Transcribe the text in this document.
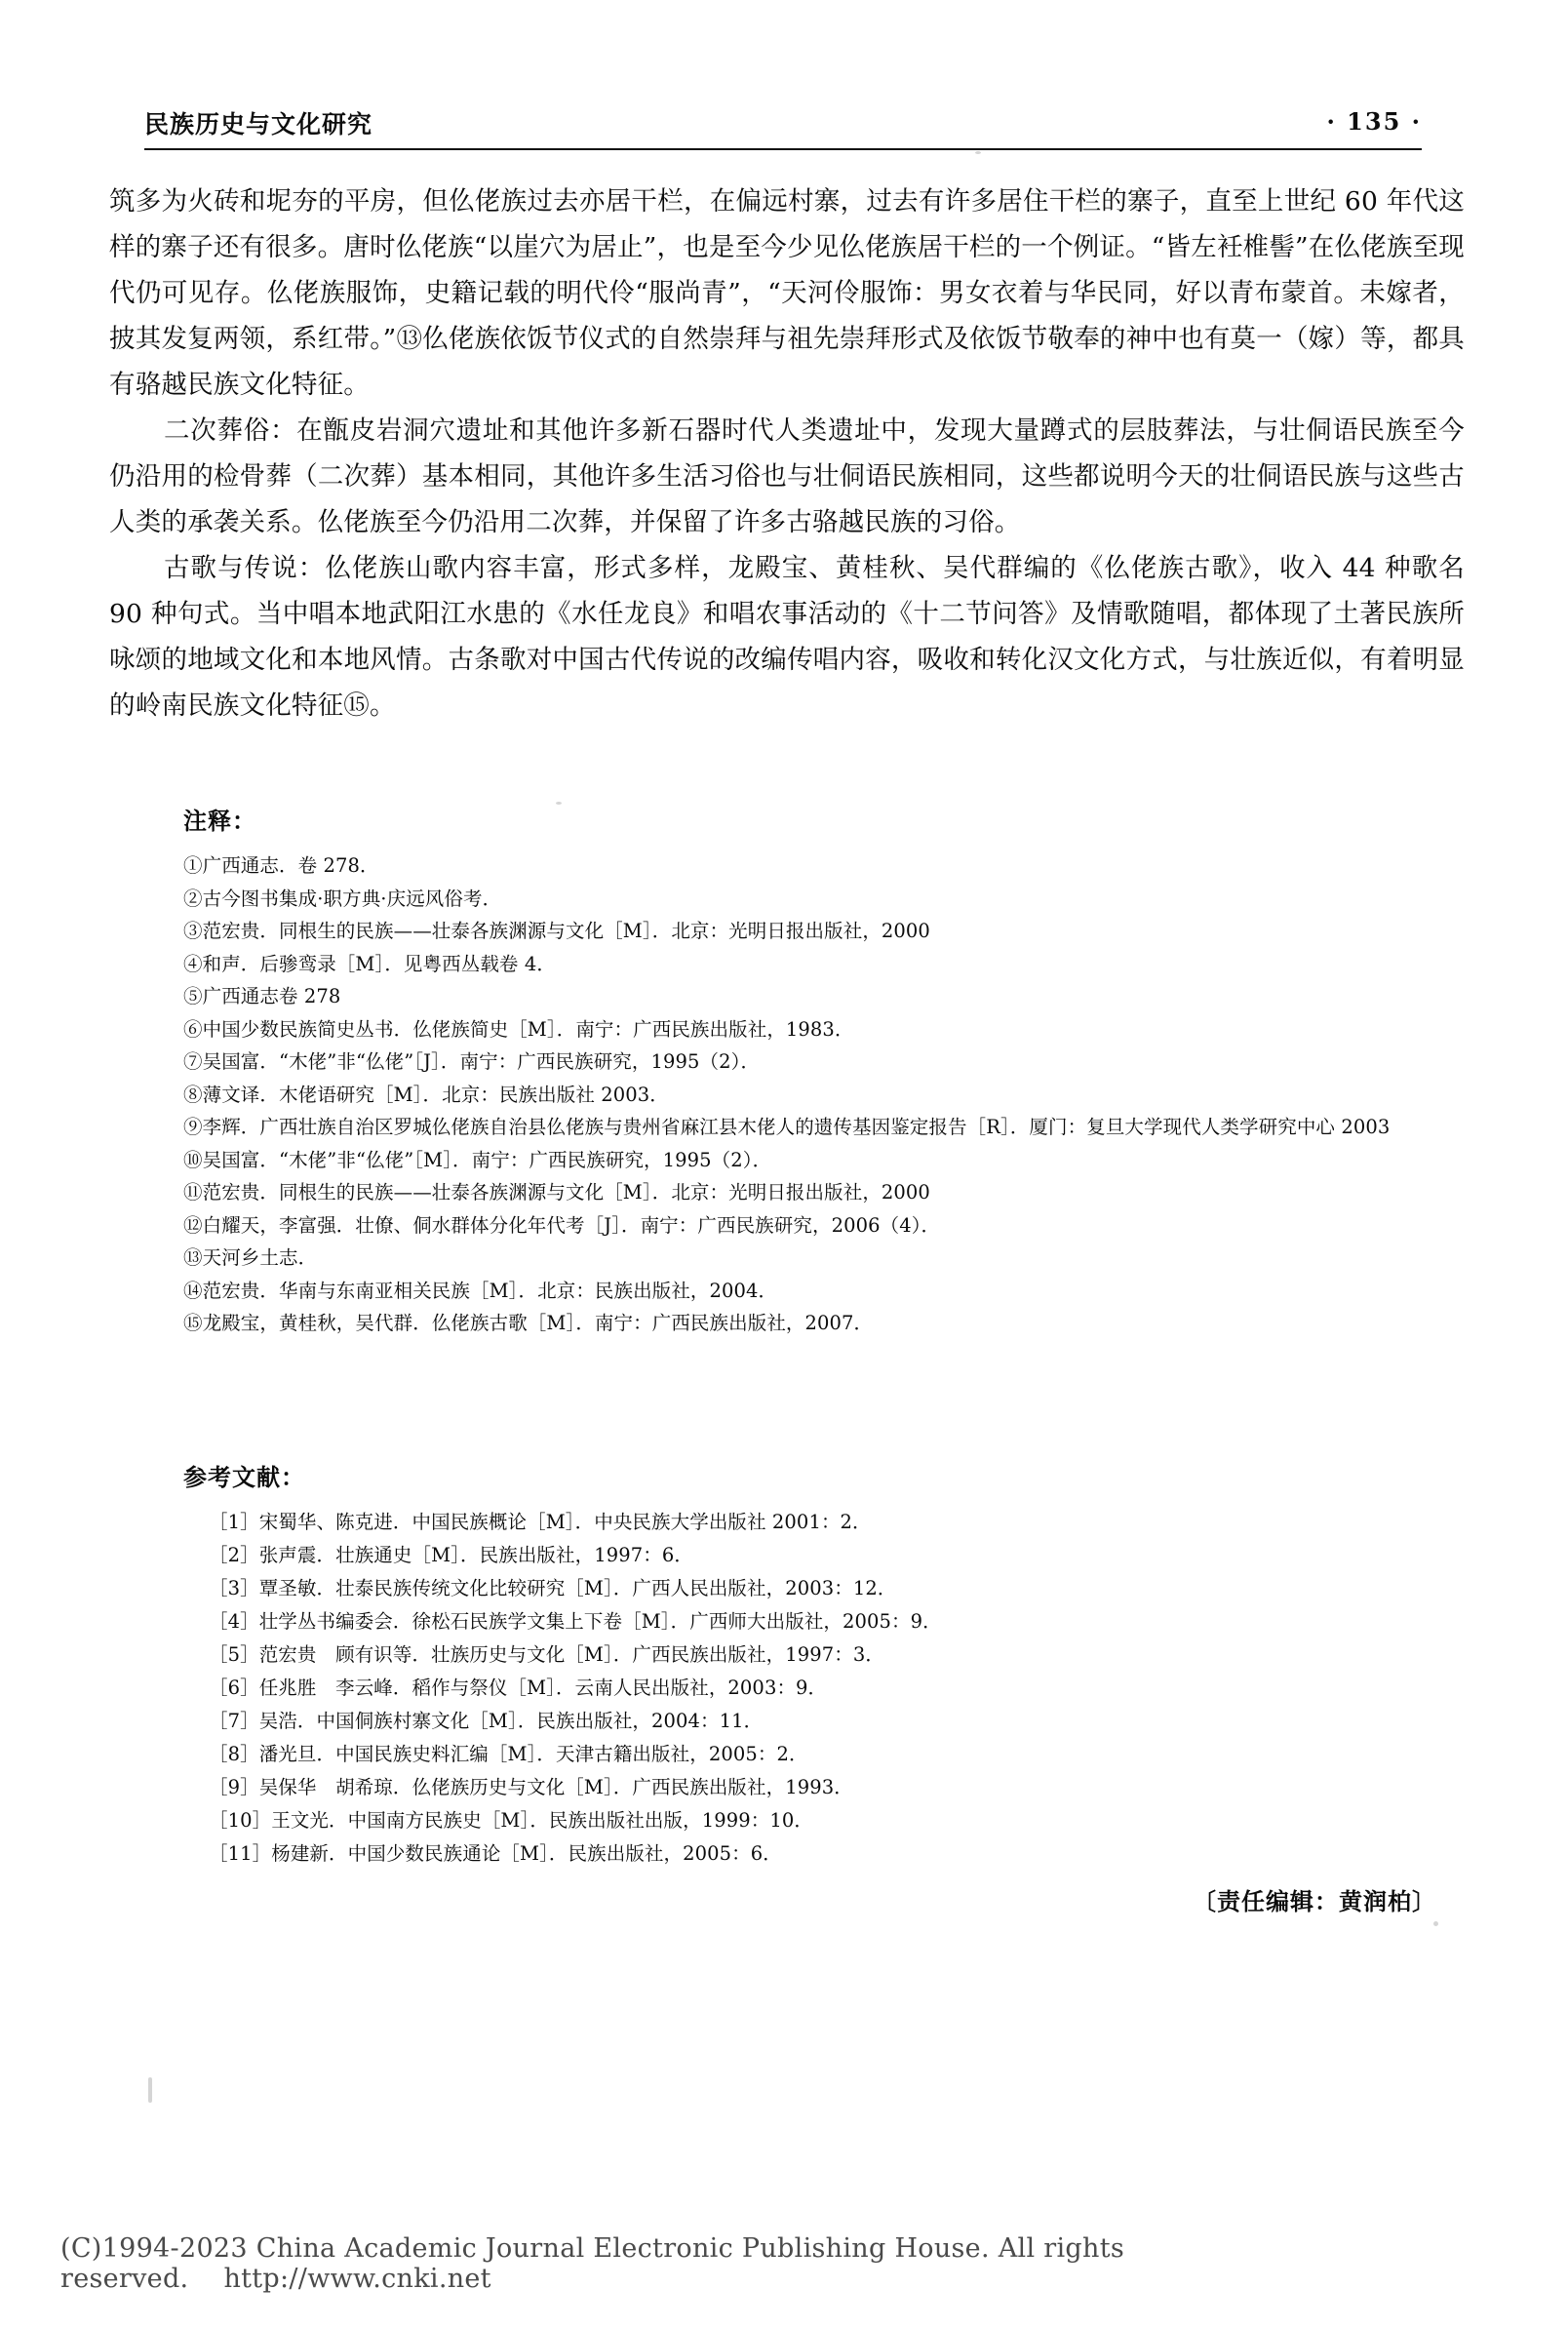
民族历史与文化研究	· 135 ·

筑多为火砖和坭夯的平房，但仫佬族过去亦居干栏，在偏远村寨，过去有许多居住干栏的寨子，直至上世纪 60 年代这样的寨子还有很多。唐时仫佬族“以崖穴为居止”，也是至今少见仫佬族居干栏的一个例证。“皆左衽椎髻”在仫佬族至现代仍可见存。仫佬族服饰，史籍记载的明代伶“服尚青”，“天河伶服饰：男女衣着与华民同，好以青布蒙首。未嫁者，披其发复两领，系红带。”⑬仫佬族依饭节仪式的自然崇拜与祖先崇拜形式及依饭节敬奉的神中也有莫一（嫁）等，都具有骆越民族文化特征。

二次葬俗：在甑皮岩洞穴遗址和其他许多新石器时代人类遗址中，发现大量蹲式的层肢葬法，与壮侗语民族至今仍沿用的检骨葬（二次葬）基本相同，其他许多生活习俗也与壮侗语民族相同，这些都说明今天的壮侗语民族与这些古人类的承袭关系。仫佬族至今仍沿用二次葬，并保留了许多古骆越民族的习俗。

古歌与传说：仫佬族山歌内容丰富，形式多样，龙殿宝、黄桂秋、吴代群编的《仫佬族古歌》，收入 44 种歌名 90 种句式。当中唱本地武阳江水患的《水任龙良》和唱农事活动的《十二节问答》及情歌随唱，都体现了土著民族所咏颂的地域文化和本地风情。古条歌对中国古代传说的改编传唱内容，吸收和转化汉文化方式，与壮族近似，有着明显的岭南民族文化特征⑮。

注释：
①广西通志．卷 278．
②古今图书集成·职方典·庆远风俗考．
③范宏贵．同根生的民族——壮泰各族渊源与文化［M］．北京：光明日报出版社，2000
④和声．后骖鸾录［M］．见粤西丛载卷 4．
⑤广西通志卷 278
⑥中国少数民族简史丛书．仫佬族简史［M］．南宁：广西民族出版社，1983．
⑦吴国富．“木佬”非“仫佬”［J］．南宁：广西民族研究，1995（2）．
⑧薄文译．木佬语研究［M］．北京：民族出版社 2003．
⑨李辉．广西壮族自治区罗城仫佬族自治县仫佬族与贵州省麻江县木佬人的遗传基因鉴定报告［R］．厦门：复旦大学现代人类学研究中心 2003
⑩吴国富．“木佬”非“仫佬”［M］．南宁：广西民族研究，1995（2）．
⑪范宏贵．同根生的民族——壮泰各族渊源与文化［M］．北京：光明日报出版社，2000
⑫白耀天，李富强．壮僚、侗水群体分化年代考［J］．南宁：广西民族研究，2006（4）．
⑬天河乡土志．
⑭范宏贵．华南与东南亚相关民族［M］．北京：民族出版社，2004．
⑮龙殿宝，黄桂秋，吴代群．仫佬族古歌［M］．南宁：广西民族出版社，2007．
参考文献：
［1］宋蜀华、陈克进．中国民族概论［M］．中央民族大学出版社 2001：2．
［2］张声震．壮族通史［M］．民族出版社，1997：6．
［3］覃圣敏．壮泰民族传统文化比较研究［M］．广西人民出版社，2003：12．
［4］壮学丛书编委会．徐松石民族学文集上下卷［M］．广西师大出版社，2005：9．
［5］范宏贵　顾有识等．壮族历史与文化［M］．广西民族出版社，1997：3．
［6］任兆胜　李云峰．稻作与祭仪［M］．云南人民出版社，2003：9．
［7］吴浩．中国侗族村寨文化［M］．民族出版社，2004：11．
［8］潘光旦．中国民族史料汇编［M］．天津古籍出版社，2005：2．
［9］吴保华　胡希琼．仫佬族历史与文化［M］．广西民族出版社，1993．
［10］王文光．中国南方民族史［M］．民族出版社出版，1999：10．
［11］杨建新．中国少数民族通论［M］．民族出版社，2005：6．
〔责任编辑：黄润柏〕
(C)1994-2023 China Academic Journal Electronic Publishing House. All rights reserved. http://www.cnki.net
